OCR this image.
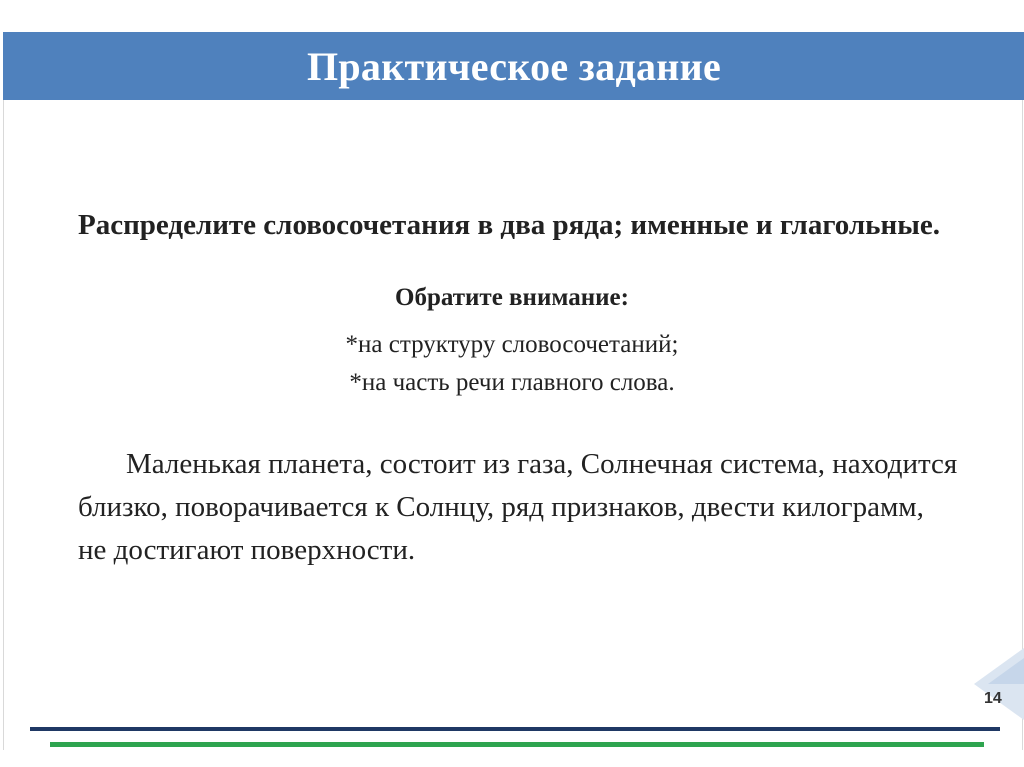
Практическое задание
Распределите словосочетания в два ряда; именные и глагольные.
Обратите внимание:
*на структуру словосочетаний;
*на часть речи главного слова.
Маленькая планета, состоит из газа, Солнечная система, находится близко, поворачивается к Солнцу, ряд признаков, двести килограмм, не достигают поверхности.
14
